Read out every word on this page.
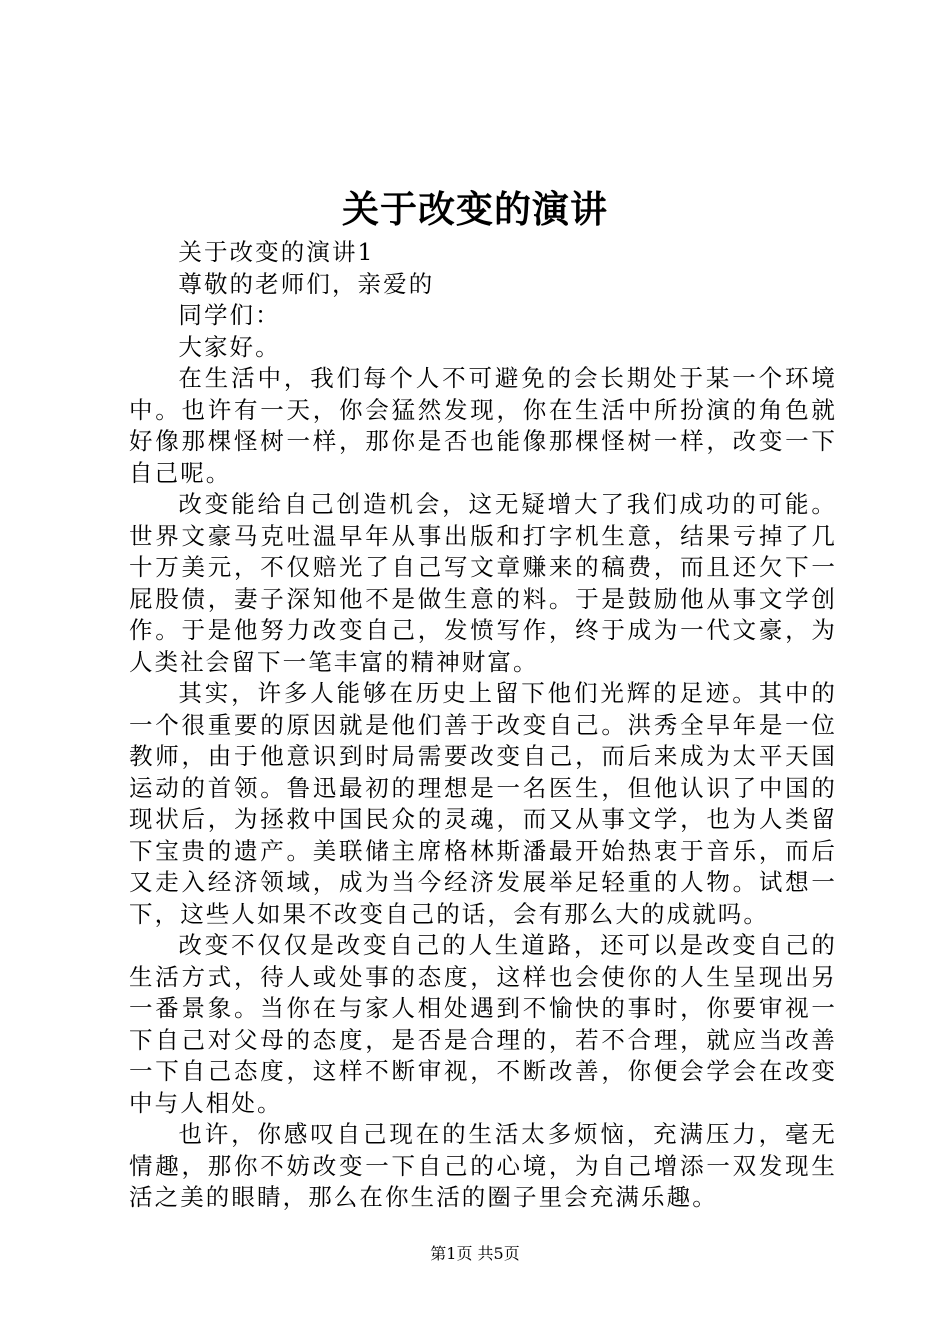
关于改变的演讲

关于改变的演讲1

尊敬的老师们，亲爱的

同学们：

大家好。

在生活中，我们每个人不可避免的会长期处于某一个环境中。也许有一天，你会猛然发现，你在生活中所扮演的角色就好像那棵怪树一样，那你是否也能像那棵怪树一样，改变一下自己呢。

改变能给自己创造机会，这无疑增大了我们成功的可能。世界文豪马克吐温早年从事出版和打字机生意，结果亏掉了几十万美元，不仅赔光了自己写文章赚来的稿费，而且还欠下一屁股债，妻子深知他不是做生意的料。于是鼓励他从事文学创作。于是他努力改变自己，发愤写作，终于成为一代文豪，为人类社会留下一笔丰富的精神财富。

其实，许多人能够在历史上留下他们光辉的足迹。其中的一个很重要的原因就是他们善于改变自己。洪秀全早年是一位教师，由于他意识到时局需要改变自己，而后来成为太平天国运动的首领。鲁迅最初的理想是一名医生，但他认识了中国的现状后，为拯救中国民众的灵魂，而又从事文学，也为人类留下宝贵的遗产。美联储主席格林斯潘最开始热衷于音乐，而后又走入经济领域，成为当今经济发展举足轻重的人物。试想一下，这些人如果不改变自己的话，会有那么大的成就吗。

改变不仅仅是改变自己的人生道路，还可以是改变自己的生活方式，待人或处事的态度，这样也会使你的人生呈现出另一番景象。当你在与家人相处遇到不愉快的事时，你要审视一下自己对父母的态度，是否是合理的，若不合理，就应当改善一下自己态度，这样不断审视，不断改善，你便会学会在改变中与人相处。

也许，你感叹自己现在的生活太多烦恼，充满压力，毫无情趣，那你不妨改变一下自己的心境，为自己增添一双发现生活之美的眼睛，那么在你生活的圈子里会充满乐趣。

第1页 共5页
